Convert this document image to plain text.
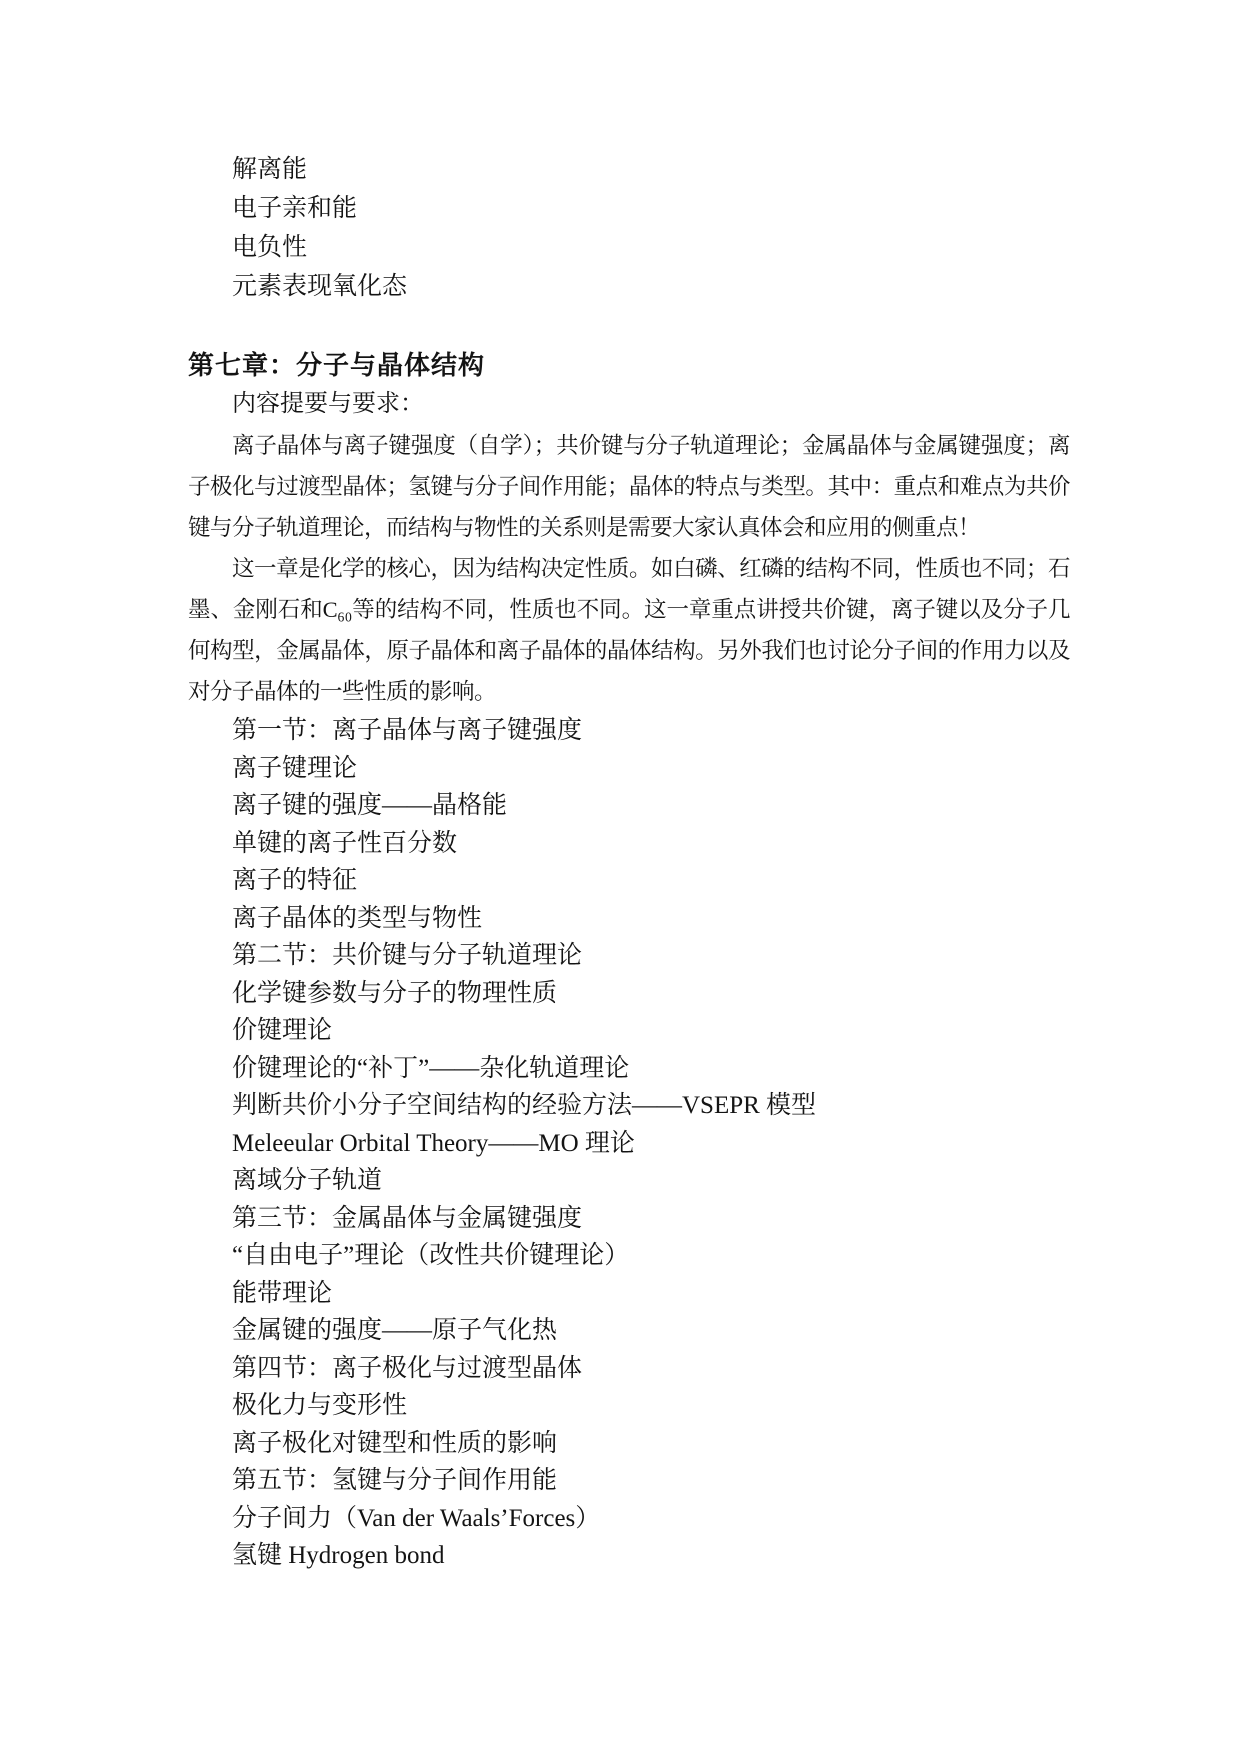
解离能
电子亲和能
电负性
元素表现氧化态
第七章：分子与晶体结构
内容提要与要求：
离子晶体与离子键强度（自学）；共价键与分子轨道理论；金属晶体与金属键强度；离
子极化与过渡型晶体；氢键与分子间作用能；晶体的特点与类型。其中：重点和难点为共价
键与分子轨道理论，而结构与物性的关系则是需要大家认真体会和应用的侧重点！
这一章是化学的核心，因为结构决定性质。如白磷、红磷的结构不同，性质也不同；石
墨、金刚石和C₆₀等的结构不同，性质也不同。这一章重点讲授共价键，离子键以及分子几
何构型，金属晶体，原子晶体和离子晶体的晶体结构。另外我们也讨论分子间的作用力以及
对分子晶体的一些性质的影响。
第一节：离子晶体与离子键强度
离子键理论
离子键的强度——晶格能
单键的离子性百分数
离子的特征
离子晶体的类型与物性
第二节：共价键与分子轨道理论
化学键参数与分子的物理性质
价键理论
价键理论的“补丁”——杂化轨道理论
判断共价小分子空间结构的经验方法——VSEPR 模型
Meleeular Orbital Theory——MO 理论
离域分子轨道
第三节：金属晶体与金属键强度
“自由电子”理论（改性共价键理论）
能带理论
金属键的强度——原子气化热
第四节：离子极化与过渡型晶体
极化力与变形性
离子极化对键型和性质的影响
第五节：氢键与分子间作用能
分子间力（Van der Waals’Forces）
氢键 Hydrogen bond
